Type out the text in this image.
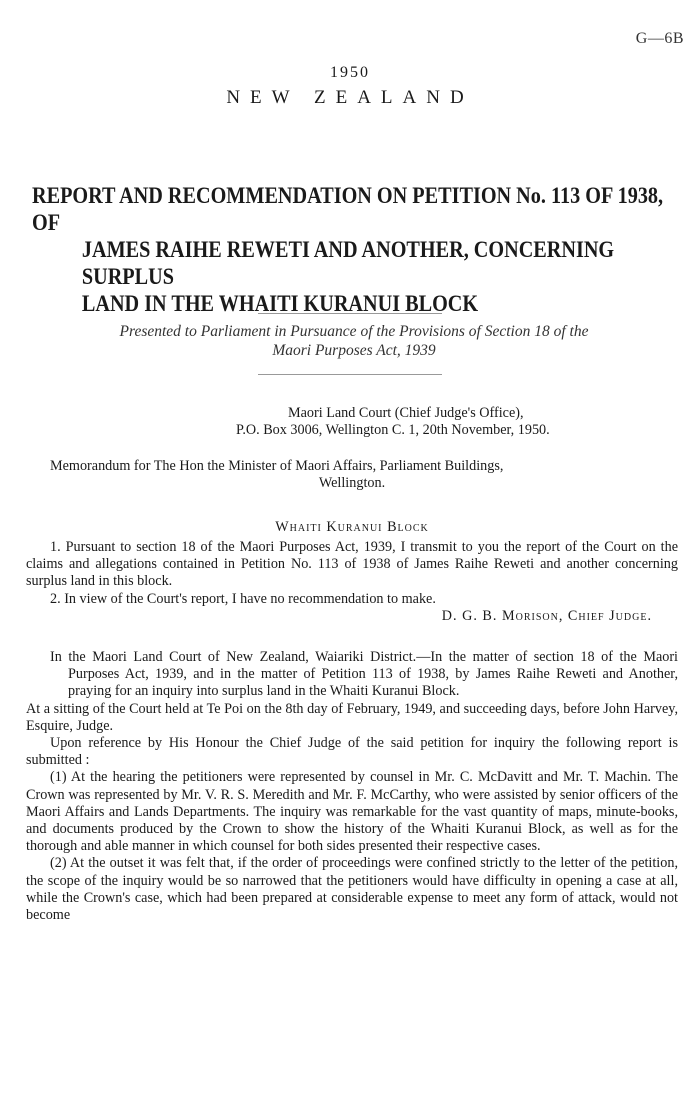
G—6B
1950
NEW ZEALAND
REPORT AND RECOMMENDATION ON PETITION No. 113 OF 1938, OF
JAMES RAIHE REWETI AND ANOTHER, CONCERNING SURPLUS
LAND IN THE WHAITI KURANUI BLOCK
Presented to Parliament in Pursuance of the Provisions of Section 18 of the
Maori Purposes Act, 1939

Maori Land Court (Chief Judge's Office),

P.O. Box 3006, Wellington C. 1, 20th November, 1950.

Memorandum for The Hon the Minister of Maori Affairs, Parliament Buildings,

Wellington.

Whaiti Kuranui Block

1. Pursuant to section 18 of the Maori Purposes Act, 1939, I transmit to you the report of the Court on the claims and allegations contained in Petition No. 113 of 1938 of James Raihe Reweti and another concerning surplus land in this block.

2. In view of the Court's report, I have no recommendation to make.

D. G. B. Morison, Chief Judge.

In the Maori Land Court of New Zealand, Waiariki District.—In the matter of section 18 of the Maori Purposes Act, 1939, and in the matter of Petition 113 of 1938, by James Raihe Reweti and Another, praying for an inquiry into surplus land in the Whaiti Kuranui Block.

At a sitting of the Court held at Te Poi on the 8th day of February, 1949, and succeeding days, before John Harvey, Esquire, Judge.

Upon reference by His Honour the Chief Judge of the said petition for inquiry the following report is submitted :

(1) At the hearing the petitioners were represented by counsel in Mr. C. McDavitt and Mr. T. Machin. The Crown was represented by Mr. V. R. S. Meredith and Mr. F. McCarthy, who were assisted by senior officers of the Maori Affairs and Lands Departments. The inquiry was remarkable for the vast quantity of maps, minute-books, and documents produced by the Crown to show the history of the Whaiti Kuranui Block, as well as for the thorough and able manner in which counsel for both sides presented their respective cases.

(2) At the outset it was felt that, if the order of proceedings were confined strictly to the letter of the petition, the scope of the inquiry would be so narrowed that the petitioners would have difficulty in opening a case at all, while the Crown's case, which had been prepared at considerable expense to meet any form of attack, would not become
